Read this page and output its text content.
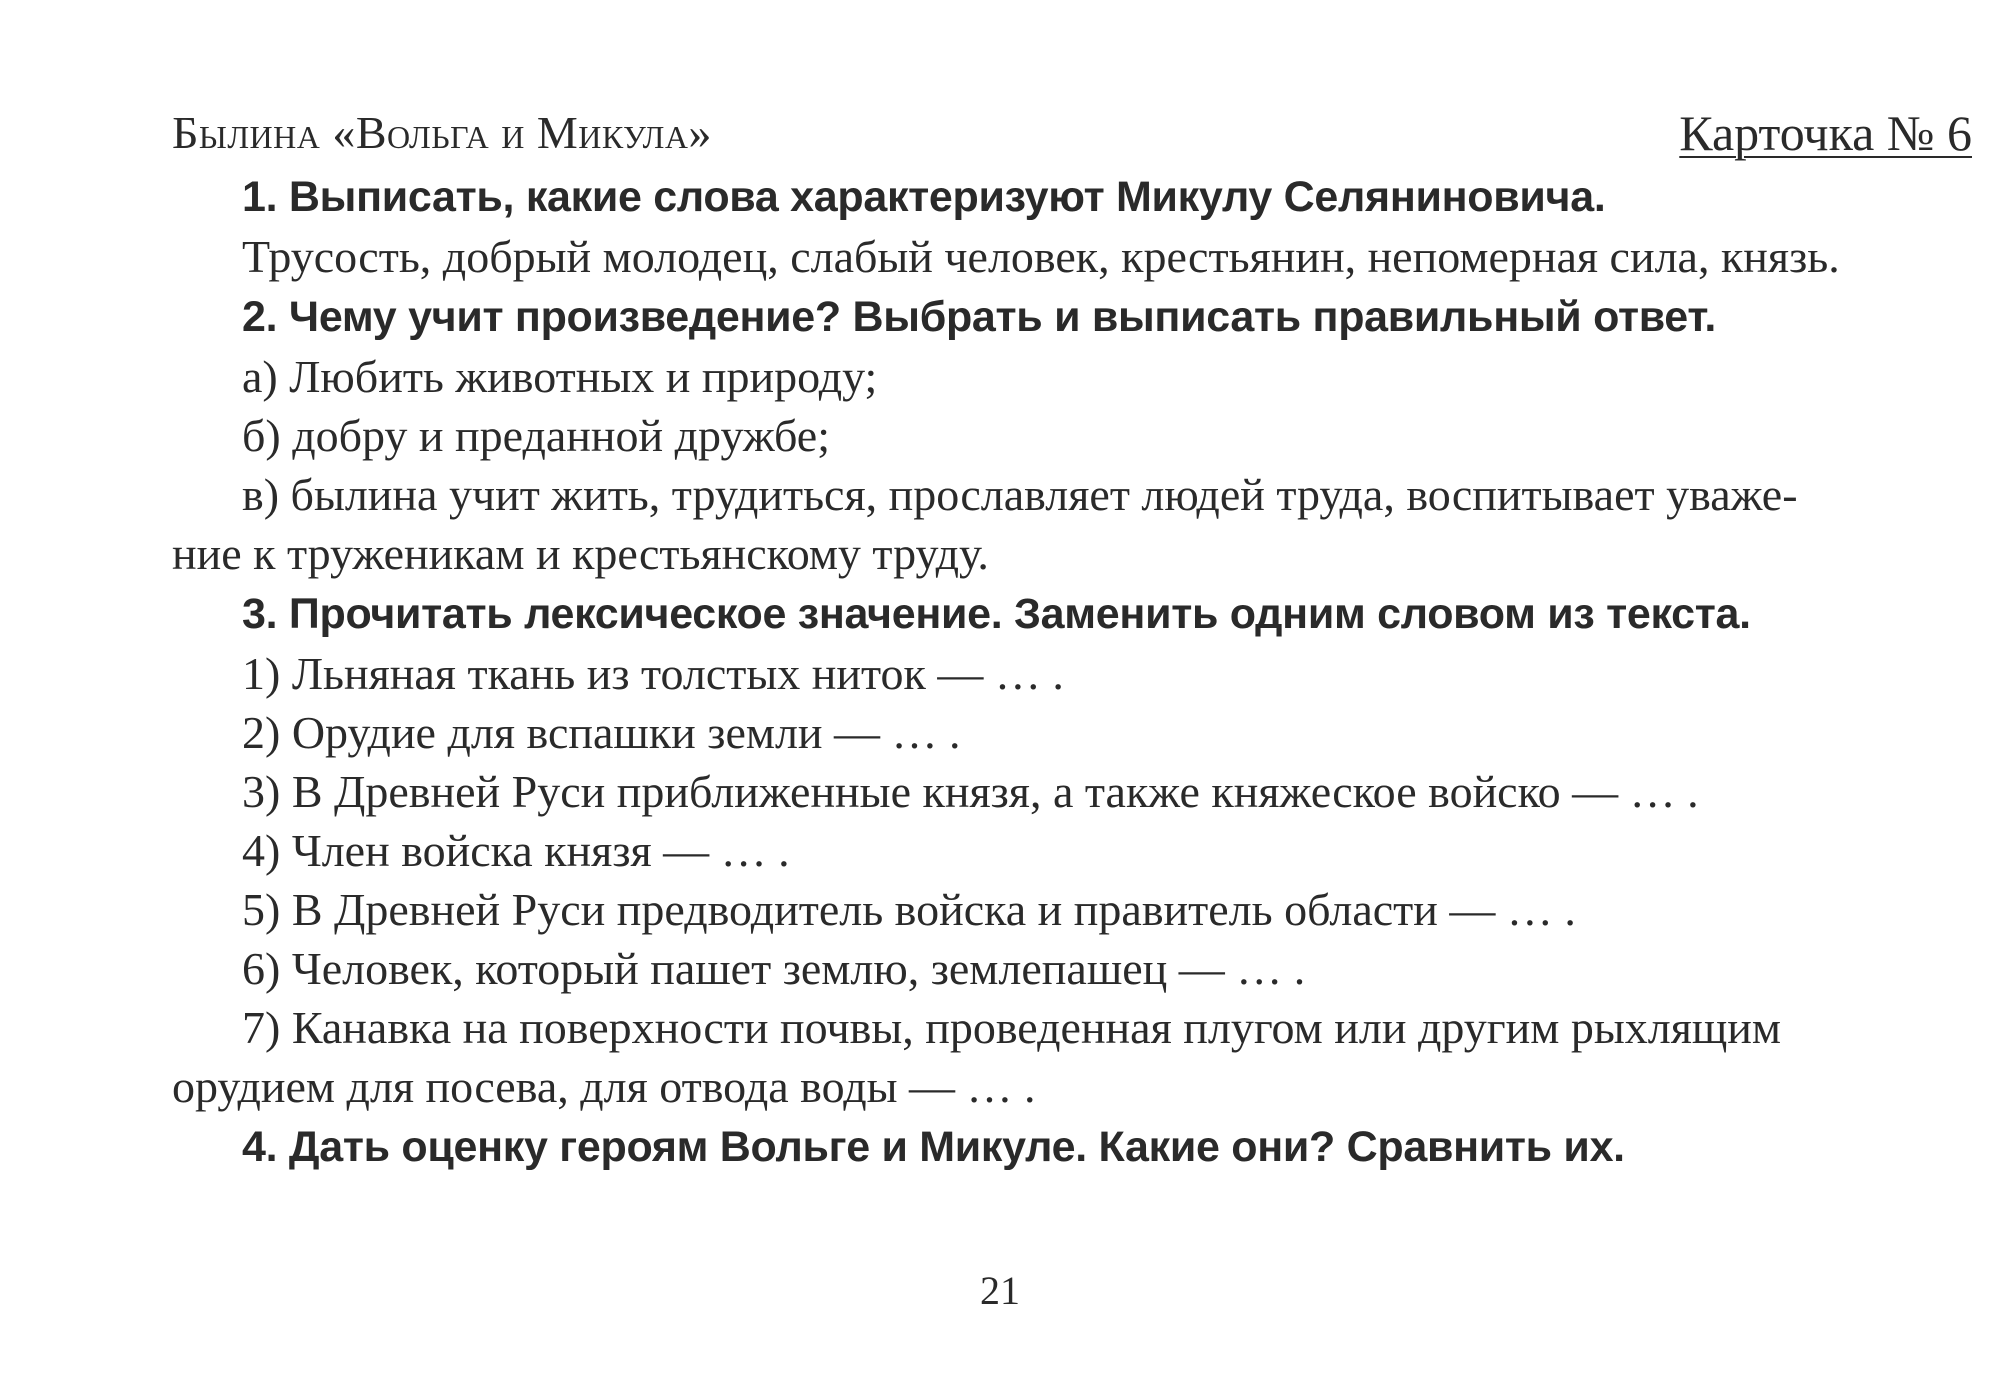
Былина «Вольга и Микула»	Карточка № 6
1. Выписать, какие слова характеризуют Микулу Селяниновича.
Трусость, добрый молодец, слабый человек, крестьянин, непомерная сила, князь.
2. Чему учит произведение? Выбрать и выписать правильный ответ.
а) Любить животных и природу;
б) добру и преданной дружбе;
в) былина учит жить, трудиться, прославляет людей труда, воспитывает уваже-
ние к труженикам и крестьянскому труду.
3. Прочитать лексическое значение. Заменить одним словом из текста.
1) Льняная ткань из толстых ниток — … .
2) Орудие для вспашки земли — … .
3) В Древней Руси приближенные князя, а также княжеское войско — … .
4) Член войска князя — … .
5) В Древней Руси предводитель войска и правитель области — … .
6) Человек, который пашет землю, землепашец — … .
7) Канавка на поверхности почвы, проведенная плугом или другим рыхлящим
орудием для посева, для отвода воды — … .
4. Дать оценку героям Вольге и Микуле. Какие они? Сравнить их.
21
